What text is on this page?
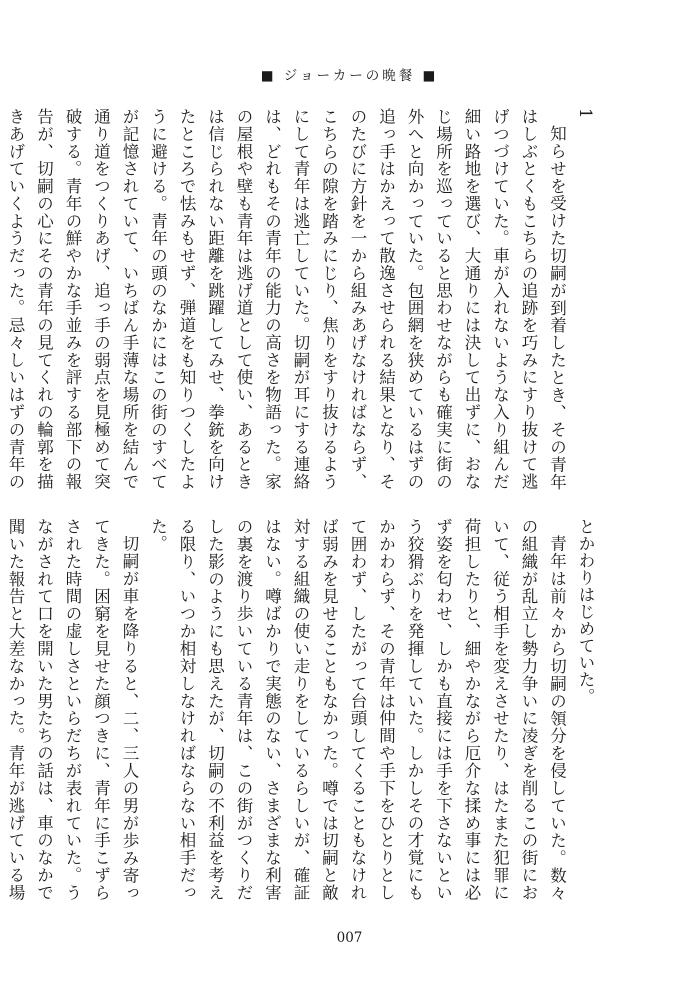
■ ジョーカーの晩餐 ■

1

知らせを受けた切嗣が到着したとき、その青年はしぶとくもこちらの追跡を巧みにすり抜けて逃げつづけていた。車が入れないような入り組んだ細い路地を選び、大通りには決して出ずに、おなじ場所を巡っていると思わせながらも確実に街の外へと向かっていた。包囲網を狭めているはずの追っ手はかえって散逸させられる結果となり、そのたびに方針を一から組みあげなければならず、こちらの隙を踏みにじり、焦りをすり抜けるようにして青年は逃亡していた。切嗣が耳にする連絡は、どれもその青年の能力の高さを物語った。家の屋根や壁も青年は逃げ道として使い、あるときは信じられない距離を跳躍してみせ、拳銃を向けたところで怯みもせず、弾道をも知りつくしたように避ける。青年の頭のなかにはこの街のすべてが記憶されていて、いちばん手薄な場所を結んで通り道をつくりあげ、追っ手の弱点を見極めて突破する。青年の鮮やかな手並みを評する部下の報告が、切嗣の心にその青年の見てくれの輪郭を描きあげていくようだった。忌々しいはずの青年の

とかわりはじめていた。

青年は前々から切嗣の領分を侵していた。数々の組織が乱立し勢力争いに凌ぎを削るこの街において、従う相手を変えさせたり、はたまた犯罪に荷担したりと、細やかながら厄介な揉め事には必ず姿を匂わせ、しかも直接には手を下さないという狡猾ぶりを発揮していた。しかしその才覚にもかかわらず、その青年は仲間や手下をひとりとして囲わず、したがって台頭してくることもなければ弱みを見せることもなかった。噂では切嗣と敵対する組織の使い走りをしているらしいが、確証はない。噂ばかりで実態のない、さまざまな利害の裏を渡り歩いている青年は、この街がつくりだした影のようにも思えたが、切嗣の不利益を考える限り、いつか相対しなければならない相手だった。

切嗣が車を降りると、二、三人の男が歩み寄ってきた。困窮を見せた顔つきに、青年に手こずらされた時間の虚しさといらだちが表れていた。うながされて口を開いた男たちの話は、車のなかで聞いた報告と大差なかった。青年が逃げている場

007
